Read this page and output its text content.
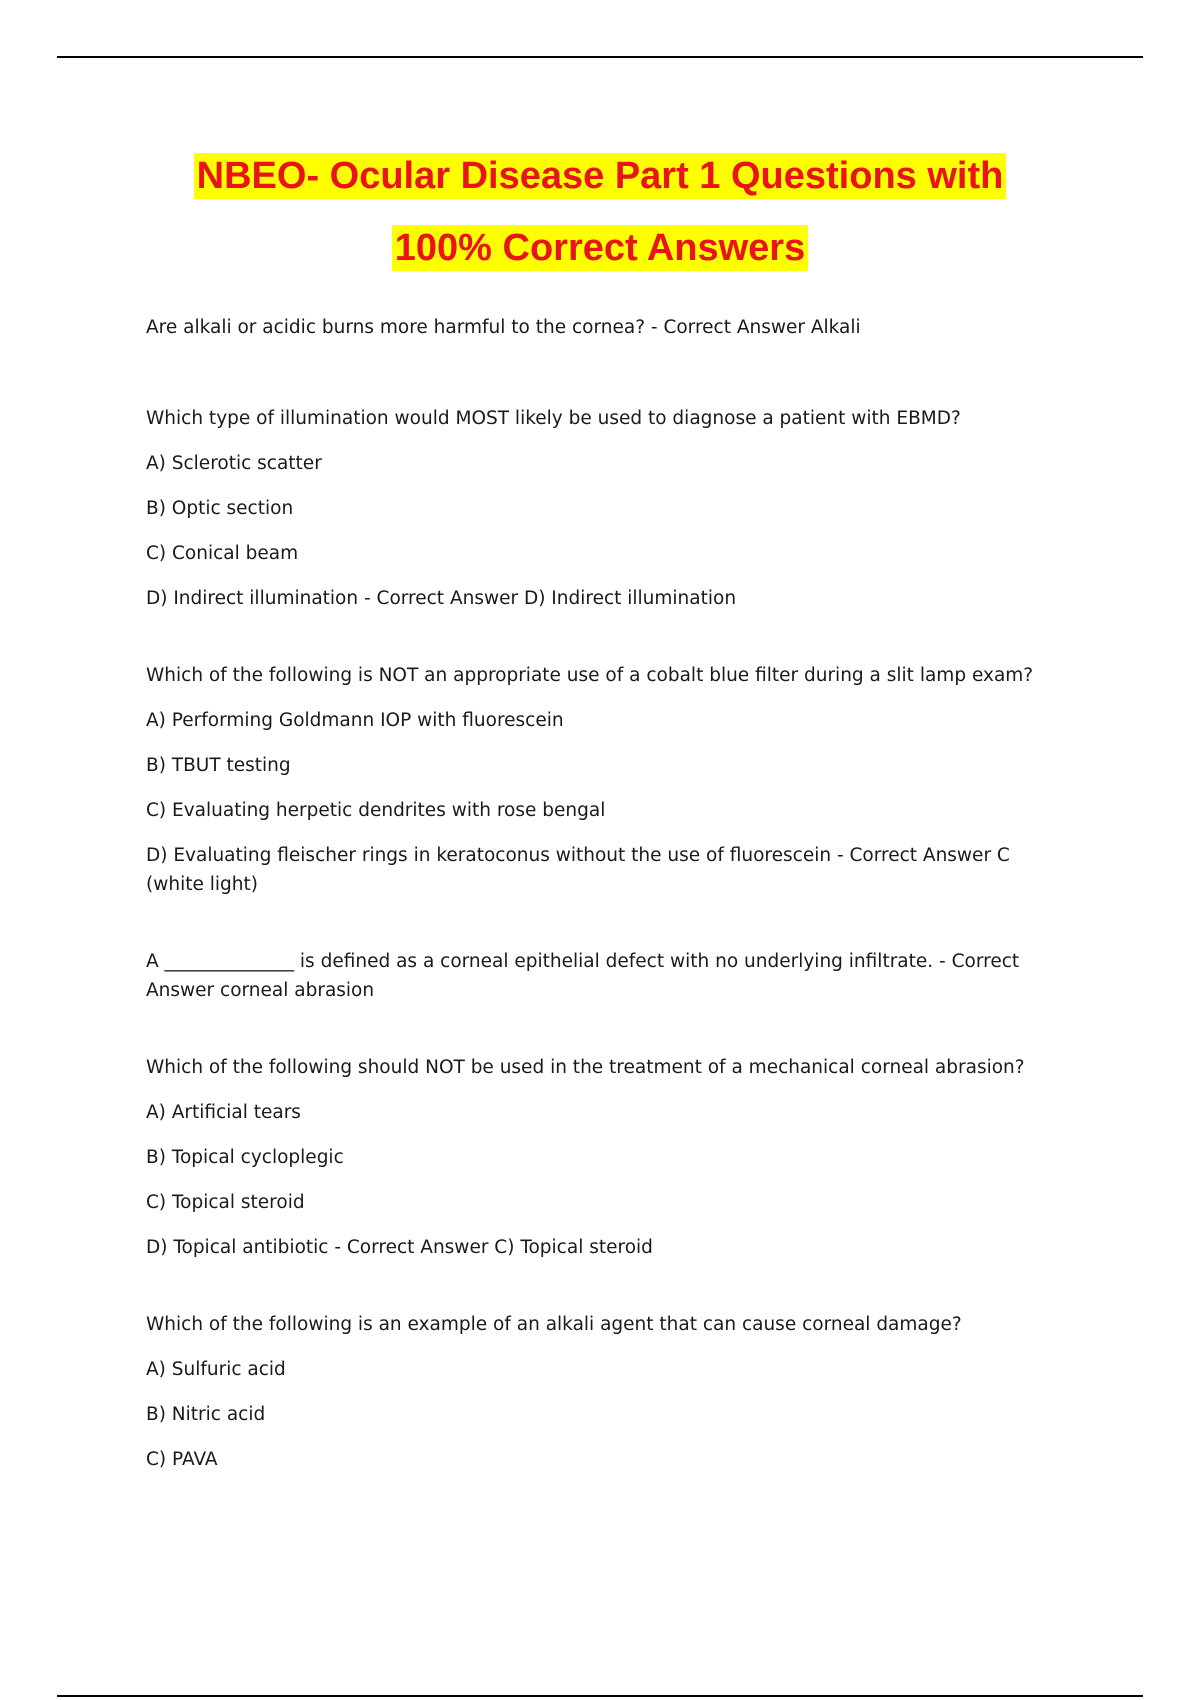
NBEO- Ocular Disease Part 1 Questions with
100% Correct Answers
Are alkali or acidic burns more harmful to the cornea? - Correct Answer Alkali
Which type of illumination would MOST likely be used to diagnose a patient with EBMD?
A) Sclerotic scatter
B) Optic section
C) Conical beam
D) Indirect illumination - Correct Answer D) Indirect illumination
Which of the following is NOT an appropriate use of a cobalt blue filter during a slit lamp exam?
A) Performing Goldmann IOP with fluorescein
B) TBUT testing
C) Evaluating herpetic dendrites with rose bengal
D) Evaluating fleischer rings in keratoconus without the use of fluorescein - Correct Answer C (white light)
A ______________ is defined as a corneal epithelial defect with no underlying infiltrate. - Correct Answer corneal abrasion
Which of the following should NOT be used in the treatment of a mechanical corneal abrasion?
A) Artificial tears
B) Topical cycloplegic
C) Topical steroid
D) Topical antibiotic - Correct Answer C) Topical steroid
Which of the following is an example of an alkali agent that can cause corneal damage?
A) Sulfuric acid
B) Nitric acid
C) PAVA
